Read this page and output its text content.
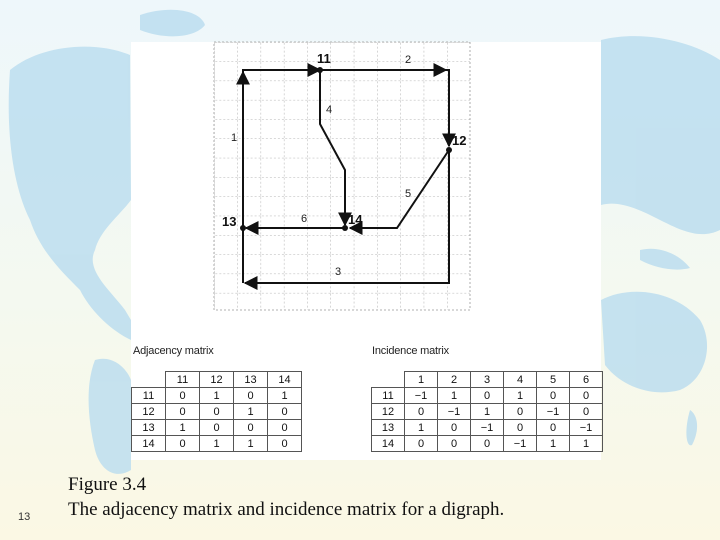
11
12
13	14
1
2
3
4
5
6
Adjacency matrix
	11	12	13	14
11	0	1	0	1
12	0	0	1	0
13	1	0	0	0
14	0	1	1	0
Incidence matrix
	1	2	3	4	5	6
11	−1	1	0	1	0	0
12	0	−1	1	0	−1	0
13	1	0	−1	0	0	−1
14	0	0	0	−1	1	1
Figure 3.4
The adjacency matrix and incidence matrix for a digraph.
13
